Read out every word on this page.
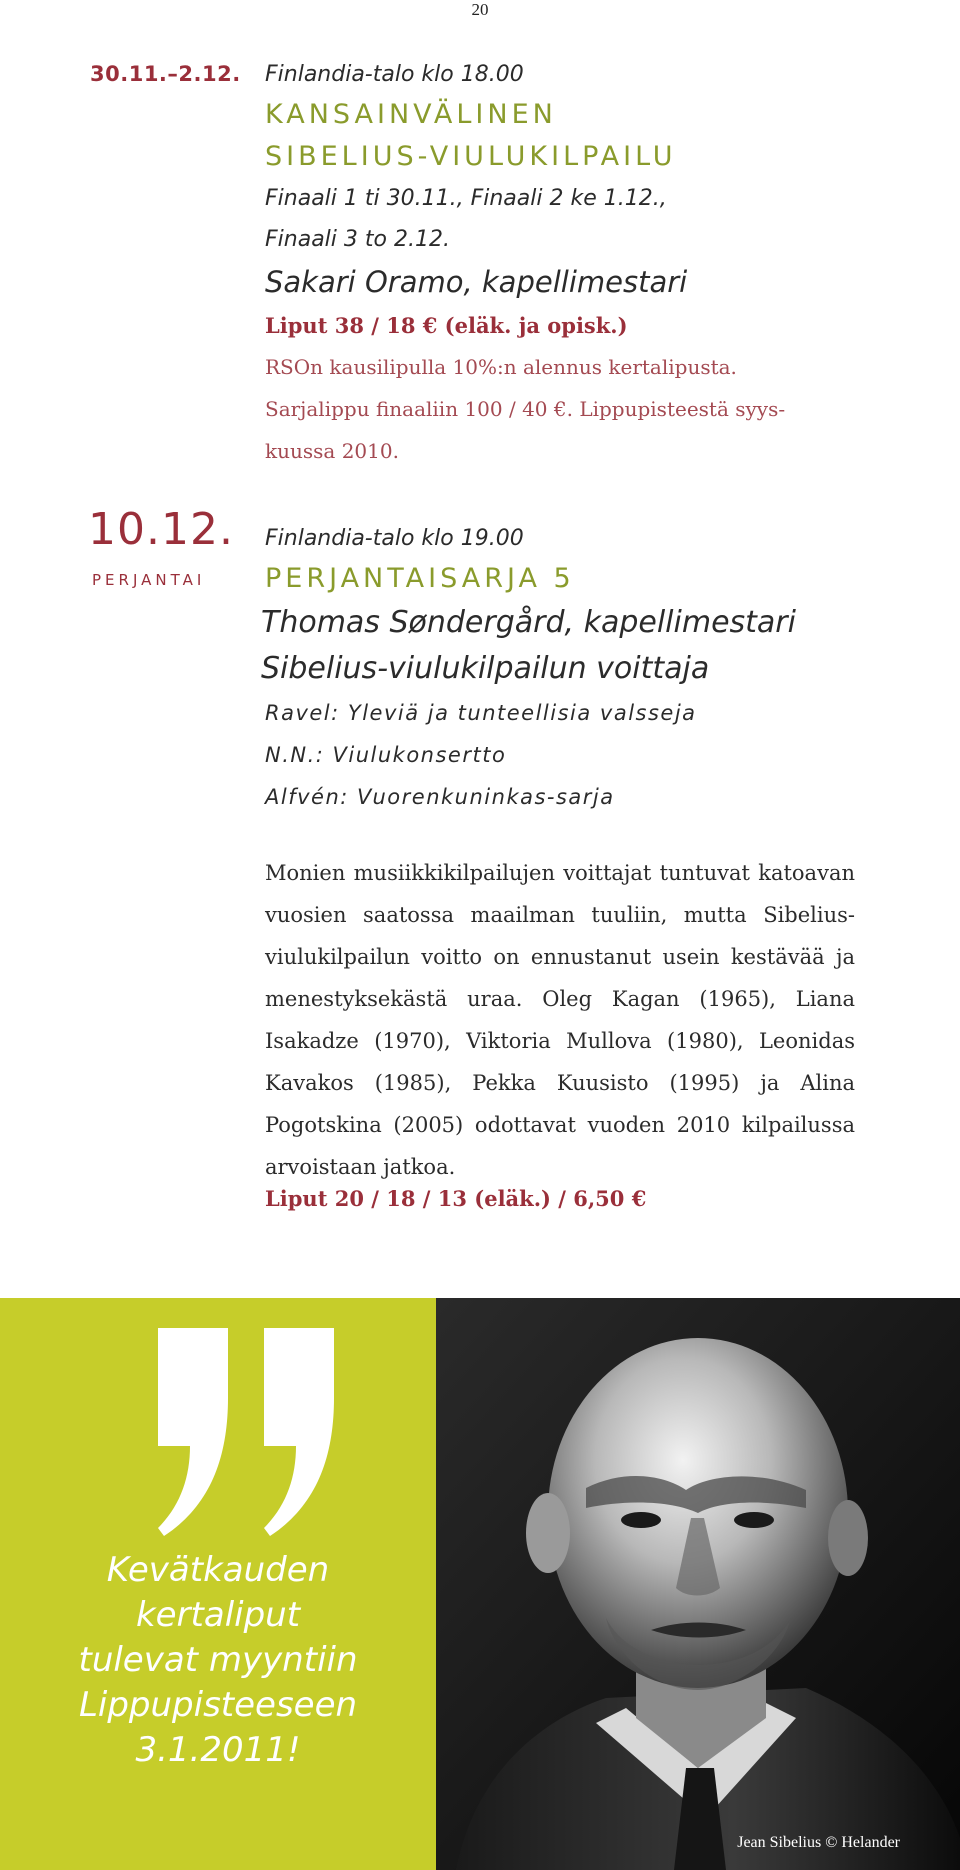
20
30.11.–2.12. Finlandia-talo klo 18.00
KANSAINVÄLINEN
SIBELIUS-VIULUKILPAILU
Finaali 1 ti 30.11., Finaali 2 ke 1.12.,
Finaali 3 to 2.12.
Sakari Oramo, kapellimestari
Liput 38 / 18 € (eläk. ja opisk.)
RSOn kausilipulla 10%:n alennus kertalipusta.
Sarjalippu finaaliin 100 / 40 €. Lippupisteestä syys-
kuussa 2010.
10.12.
PERJANTAI
Finlandia-talo klo 19.00
PERJANTAISARJA 5
Thomas Søndergård, kapellimestari
Sibelius-viulukilpailun voittaja
Ravel: Yleviä ja tunteellisia valsseja
N.N.: Viulukonsertto
Alfvén: Vuorenkuninkas-sarja
Monien musiikkikilpailujen voittajat tuntuvat katoavan vuosien saatossa maailman tuuliin, mutta Sibelius-viulukilpailun voitto on ennustanut usein kestävää ja menestyksekästä uraa. Oleg Kagan (1965), Liana Isakadze (1970), Viktoria Mullova (1980), Leonidas Kavakos (1985), Pekka Kuusisto (1995) ja Alina Pogotskina (2005) odottavat vuoden 2010 kilpailussa arvoistaan jatkoa.
Liput 20 / 18 / 13 (eläk.) / 6,50 €
Kevätkauden
kertaliput
tulevat myyntiin
Lippupisteeseen
3.1.2011!
Jean Sibelius © Helander
